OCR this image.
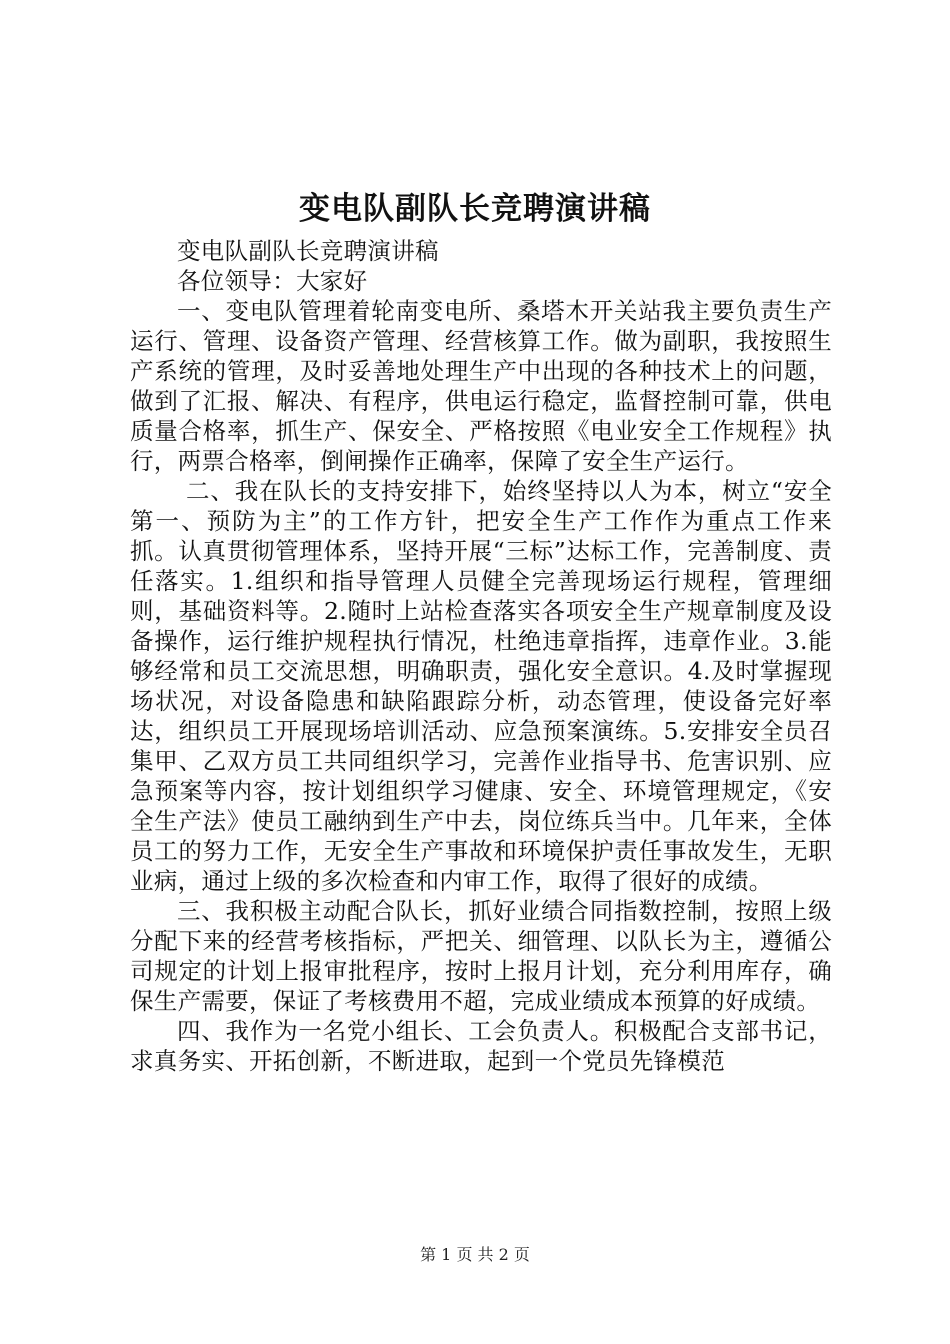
变电队副队长竞聘演讲稿

变电队副队长竞聘演讲稿

各位领导：大家好

一、变电队管理着轮南变电所、桑塔木开关站我主要负责生产运行、管理、设备资产管理、经营核算工作。做为副职，我按照生产系统的管理，及时妥善地处理生产中出现的各种技术上的问题，做到了汇报、解决、有程序，供电运行稳定，监督控制可靠，供电质量合格率，抓生产、保安全、严格按照《电业安全工作规程》执行，两票合格率，倒闸操作正确率，保障了安全生产运行。

二、我在队长的支持安排下，始终坚持以人为本，树立“安全第一、预防为主”的工作方针，把安全生产工作作为重点工作来抓。认真贯彻管理体系，坚持开展“三标”达标工作，完善制度、责任落实。1.组织和指导管理人员健全完善现场运行规程，管理细则，基础资料等。2.随时上站检查落实各项安全生产规章制度及设备操作，运行维护规程执行情况，杜绝违章指挥，违章作业。3.能够经常和员工交流思想，明确职责，强化安全意识。4.及时掌握现场状况，对设备隐患和缺陷跟踪分析，动态管理，使设备完好率达，组织员工开展现场培训活动、应急预案演练。5.安排安全员召集甲、乙双方员工共同组织学习，完善作业指导书、危害识别、应急预案等内容，按计划组织学习健康、安全、环境管理规定，《安全生产法》使员工融纳到生产中去，岗位练兵当中。几年来，全体员工的努力工作，无安全生产事故和环境保护责任事故发生，无职业病，通过上级的多次检查和内审工作，取得了很好的成绩。

三、我积极主动配合队长，抓好业绩合同指数控制，按照上级分配下来的经营考核指标，严把关、细管理、以队长为主，遵循公司规定的计划上报审批程序，按时上报月计划，充分利用库存，确保生产需要，保证了考核费用不超，完成业绩成本预算的好成绩。

四、我作为一名党小组长、工会负责人。积极配合支部书记，求真务实、开拓创新，不断进取，起到一个党员先锋模范

第 1 页 共 2 页
